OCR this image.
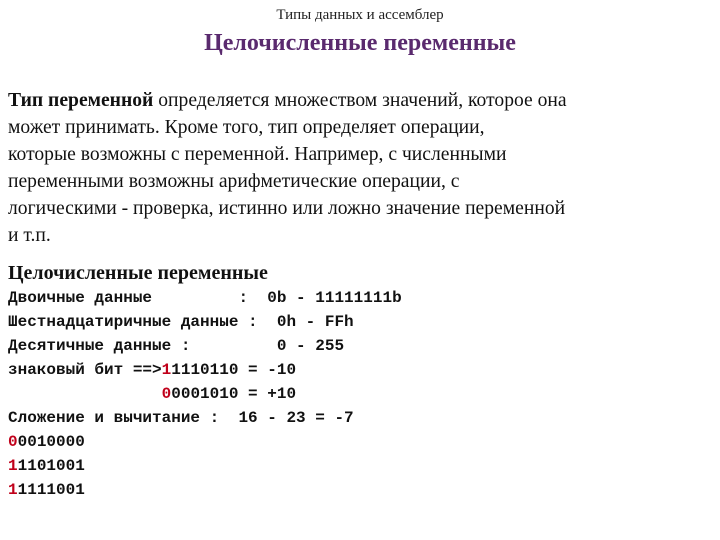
Типы данных и ассемблер
Целочисленные переменные

Тип переменной определяется множеством значений, которое она
может принимать. Кроме того, тип определяет операции,
которые возможны с переменной. Например, с численными
переменными возможны арифметические операции, с
логическими - проверка, истинно или ложно значение переменной
и т.п.

Целочисленные переменные
Двоичные данные         :  0b - 11111111b
Шестнадцатиричные данные :  0h - FFh
Десятичные данные :         0 - 255
знаковый бит ==>11110110 = -10
00001010 = +10
Сложение и вычитание :  16 - 23 = -7
00010000
11101001
11111001
